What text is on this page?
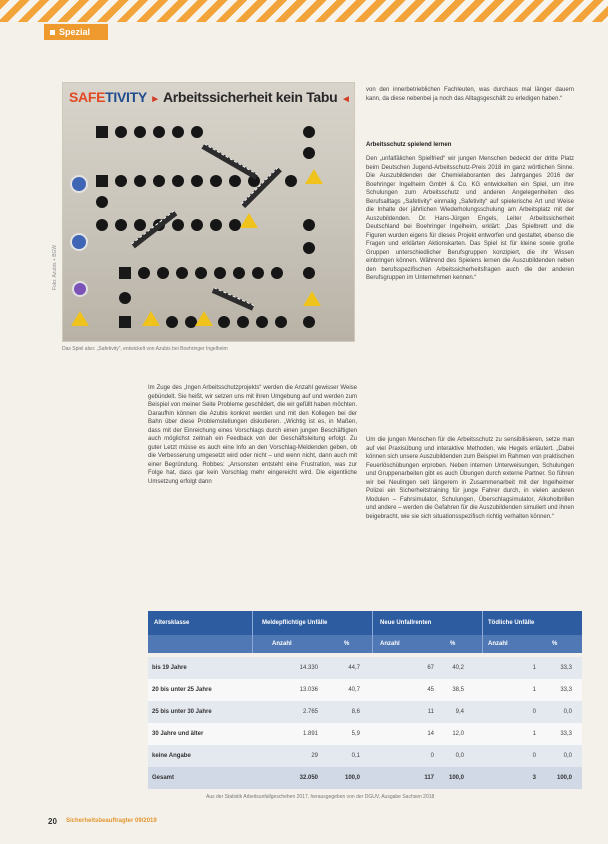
Spezial
SAFETIVITY ► Arbeitssicherheit kein Tabu ◄
Foto: Azubis + BGW
Das Spiel also: „Safetivity“, entwickelt von Azubis bei Boehringer Ingelheim

von den innerbetrieblichen Fachleuten, was durchaus mal länger dauern kann, da diese nebenbei ja noch das Alltagsgeschäft zu erledigen haben.“

Arbeitsschutz spielend lernen

Den „unfalfälichen Spielfried“ wir jungen Menschen bedeckt der dritte Platz beim Deutschen Jugend-Arbeitsschutz-Preis 2018 im ganz wörtlichen Sinne. Die Auszubildenden der Chemielaboranten des Jahrganges 2016 der Boehringer Ingelheim GmbH & Co. KG entwickelten ein Spiel, um ihre Schulungen zum Arbeitsschutz und anderen Angelegenheiten des Berufsalltags „Safetivity“ einmalig „Safetivity“ auf spielerische Art und Weise die Inhalte der jährlichen Wiederholungsschulung am Arbeitsplatz mit der Auszubildenden. Dr. Hans-Jürgen Engels, Leiter Arbeitssicherheit Deutschland bei Boehringer Ingelheim, erklärt: „Das Spielbrett und die Figuren wurden eigens für dieses Projekt entworfen und gestaltet, ebenso die Fragen und erklärten Aktionskarten. Das Spiel ist für kleine sowie große Gruppen unterschiedlicher Berufsgruppen konzipiert, die ihr Wissen einbringen können. Während des Spielens lernen die Auszubildenden neben den berufsspezifischen Arbeitssicherheitsfragen auch die der anderen Berufsgruppen im Unternehmen kennen.“

Um die jungen Menschen für die Arbeitsschutz zu sensibilisieren, setze man auf viel Praxisübung und interaktive Methoden, wie Hegels erläutert. „Dabei können sich unsere Auszubildenden zum Beispiel im Rahmen von praktischen Feuerlöschübungen erproben. Neben internen Unterweisungen, Schulungen und Gruppenarbeiten gibt es auch Übungen durch externe Partner. So führen wir bei Neulingen seit längerem in Zusammenarbeit mit der Ingelheimer Polizei ein Sicherheitstraining für junge Fahrer durch, in vielen anderen Modulen – Fahrsimulator, Schulungen, Überschlagsimulator, Alkoholbrillen und andere – werden die Gefahren für die Auszubildenden simuliert und ihnen beigebracht, wie sie sich situationsspezifisch richtig verhalten können.“

Im Zuge des „Ingen Arbeitsschutzprojekts“ werden die Anzahl gewisser Weise gebündelt. Sie heißt, wir setzen uns mit ihren Umgebung auf und werden zum Beispiel von meiner Seite Probleme geschildert, die wir gefüllt haben möchten. Daraufhin können die Azubis konkret werden und mit den Kollegen bei der Bahn über diese Problemstellungen diskutieren. „Wichtig ist es, in Maßen, dass mit der Einreichung eines Vorschlags durch einen jungen Beschäftigten auch möglichst zeitnah ein Feedback von der Geschäftsleitung erfolgt. Zu guter Letzt müsse es auch eine Info an den Vorschlag-Meldenden geben, ob die Verbesserung umgesetzt wird oder nicht – und wenn nicht, dann auch mit einer Begründung. Robbes: „Ansonsten entsteht eine Frustration, was zur Folge hat, dass gar kein Vorschlag mehr eingereicht wird. Die eigentliche Umsetzung erfolgt dann

Altersklasse	Meldepflichtige Unfälle	Neue Unfallrenten	Tödliche Unfälle
Anzahl	%	Anzahl	%	Anzahl	%
bis 19 Jahre	14.330	44,7	67	40,2	1	33,3
20 bis unter 25 Jahre	13.036	40,7	45	38,5	1	33,3
25 bis unter 30 Jahre	2.765	8,6	11	9,4	0	0,0
30 Jahre und älter	1.891	5,9	14	12,0	1	33,3
keine Angabe	29	0,1	0	0,0	0	0,0
Gesamt	32.050	100,0	117	100,0	3	100,0
Aus der Statistik Arbeitsunfallgeschehen 2017, herausgegeben von der DGUV, Ausgabe Sachsen 2018
20 Sicherheitsbeauftragter 09/2019
